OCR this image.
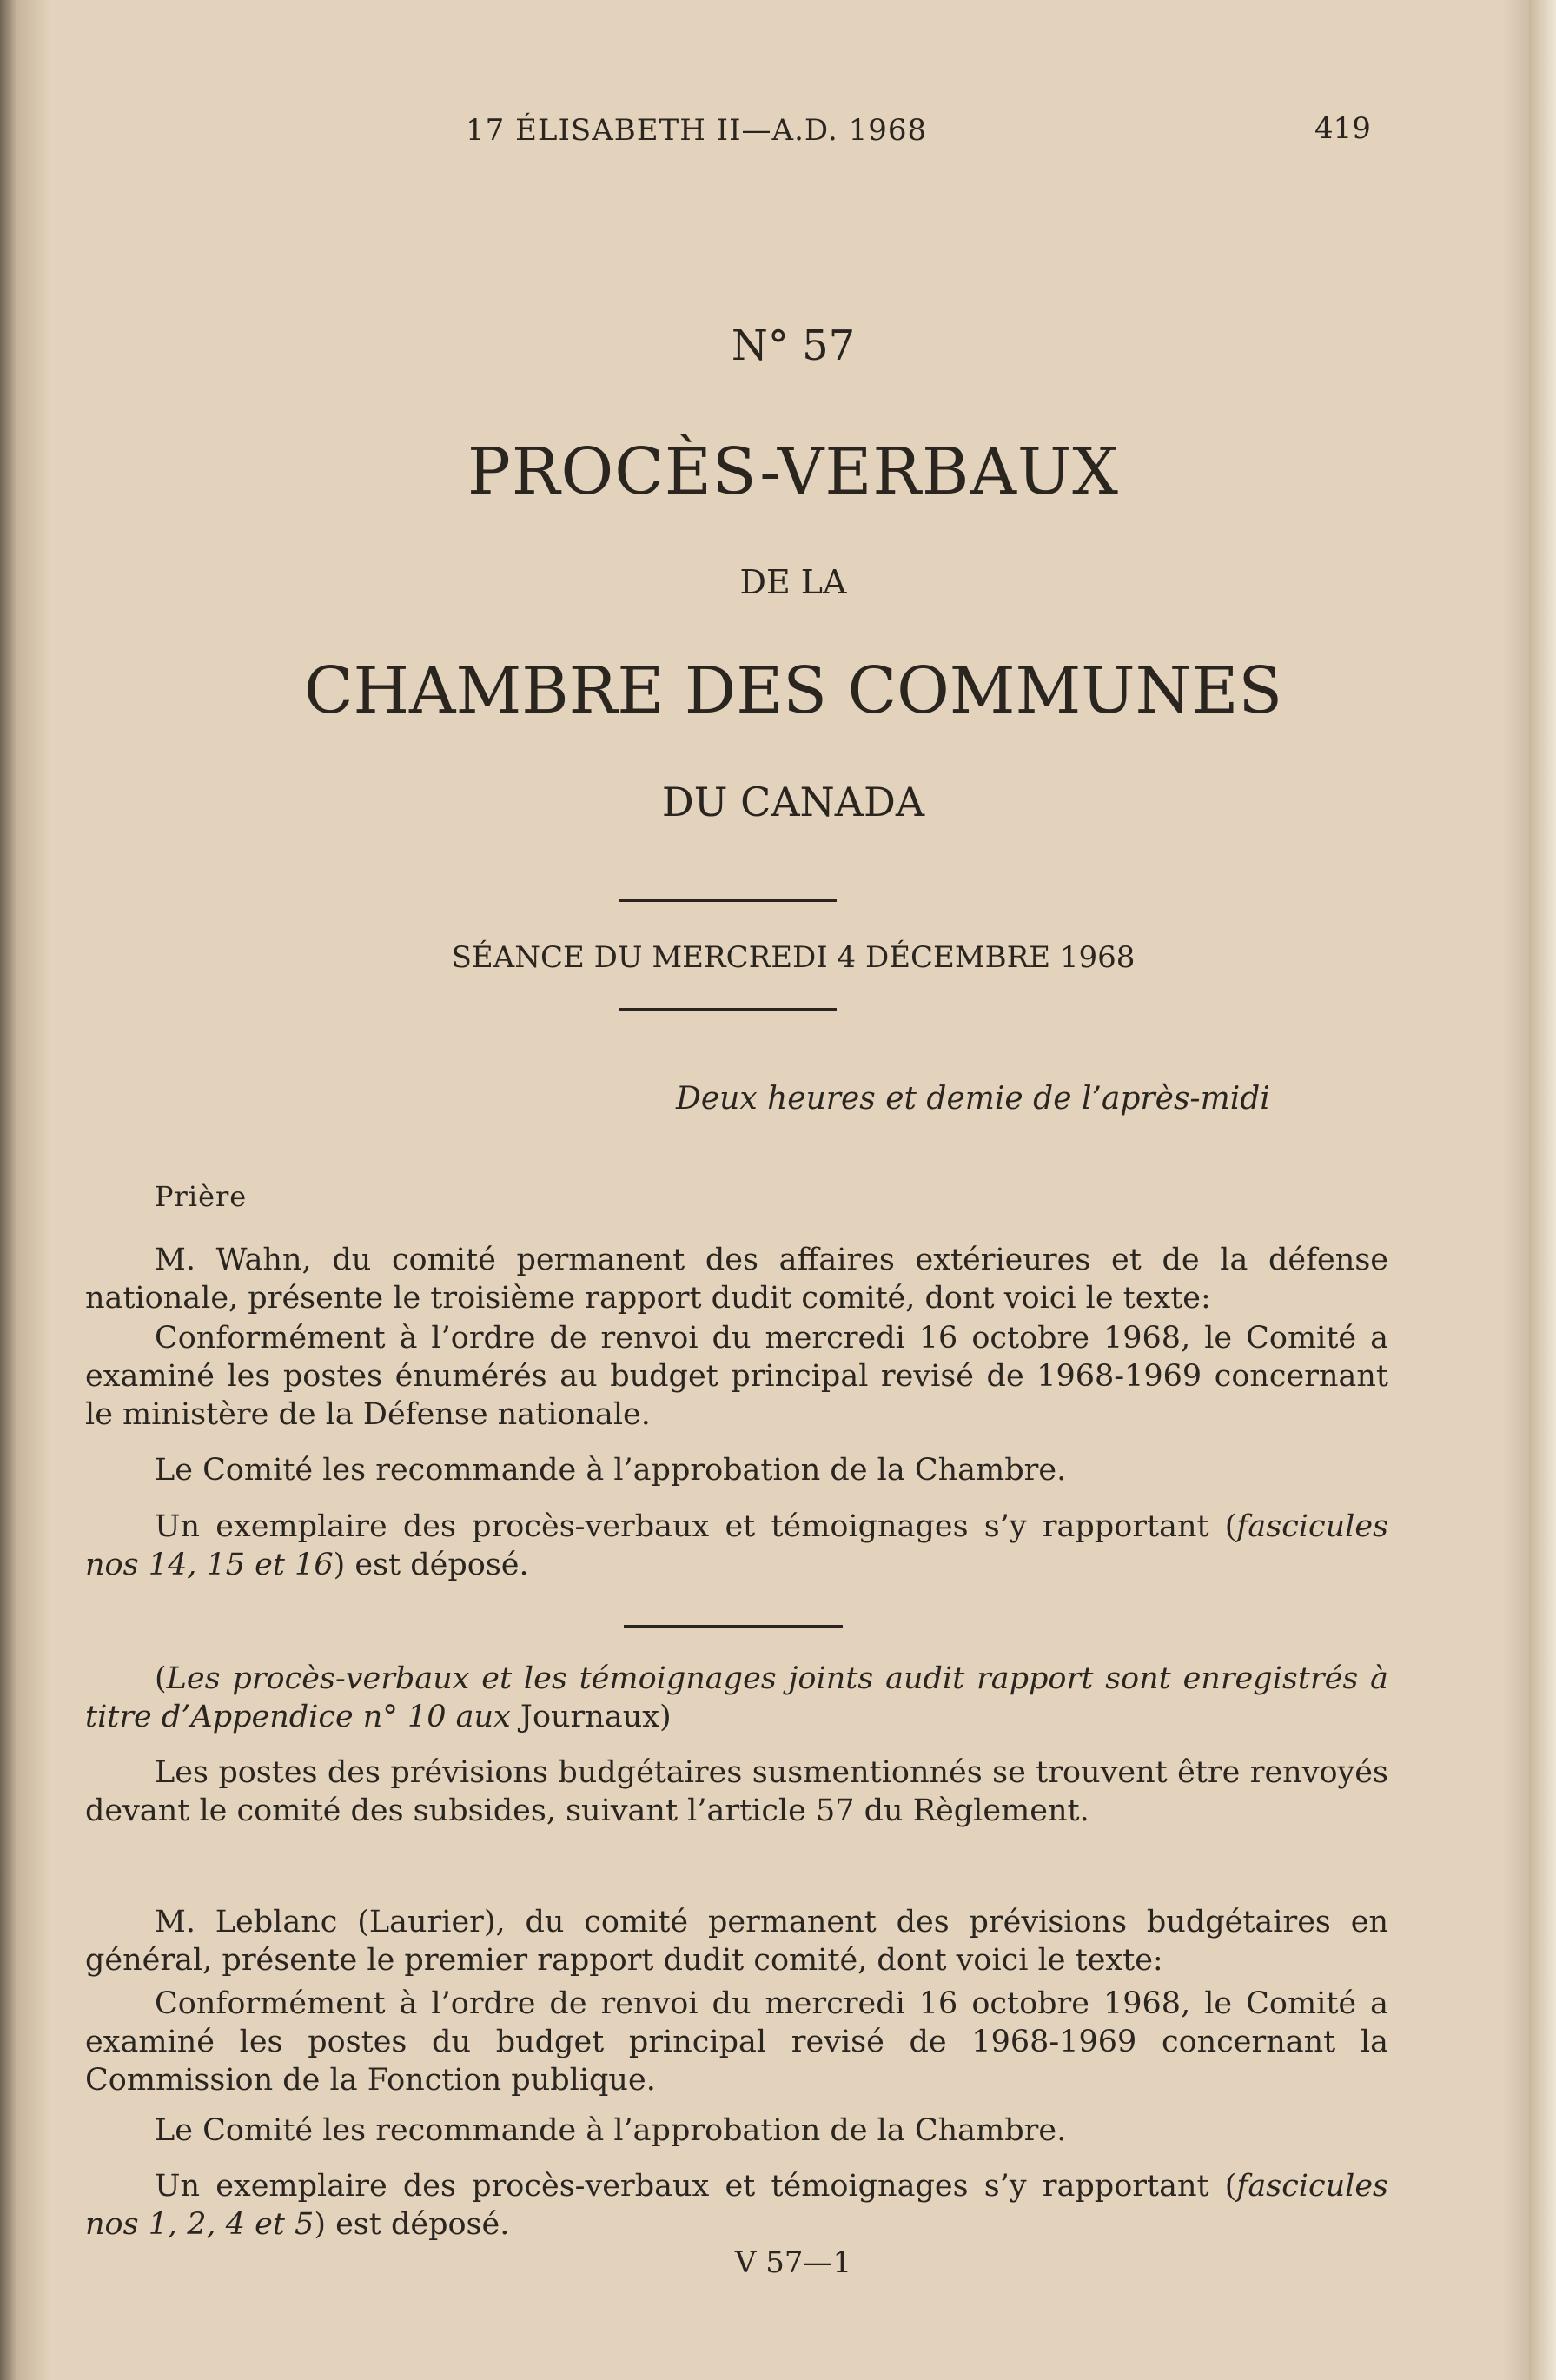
17 ÉLISABETH II—A.D. 1968	419
N° 57
PROCÈS-VERBAUX
DE LA
CHAMBRE DES COMMUNES
DU CANADA
SÉANCE DU MERCREDI 4 DÉCEMBRE 1968
Deux heures et demie de l’après-midi
Prière
M. Wahn, du comité permanent des affaires extérieures et de la défense nationale, présente le troisième rapport dudit comité, dont voici le texte:
Conformément à l’ordre de renvoi du mercredi 16 octobre 1968, le Comité a examiné les postes énumérés au budget principal revisé de 1968-1969 concernant le ministère de la Défense nationale.
Le Comité les recommande à l’approbation de la Chambre.
Un exemplaire des procès-verbaux et témoignages s’y rapportant (fascicules nos 14, 15 et 16) est déposé.
(Les procès-verbaux et les témoignages joints audit rapport sont enregistrés à titre d’Appendice n° 10 aux Journaux)
Les postes des prévisions budgétaires susmentionnés se trouvent être renvoyés devant le comité des subsides, suivant l’article 57 du Règlement.
M. Leblanc (Laurier), du comité permanent des prévisions budgétaires en général, présente le premier rapport dudit comité, dont voici le texte:
Conformément à l’ordre de renvoi du mercredi 16 octobre 1968, le Comité a examiné les postes du budget principal revisé de 1968-1969 concernant la Commission de la Fonction publique.
Le Comité les recommande à l’approbation de la Chambre.
Un exemplaire des procès-verbaux et témoignages s’y rapportant (fascicules nos 1, 2, 4 et 5) est déposé.
V 57—1
